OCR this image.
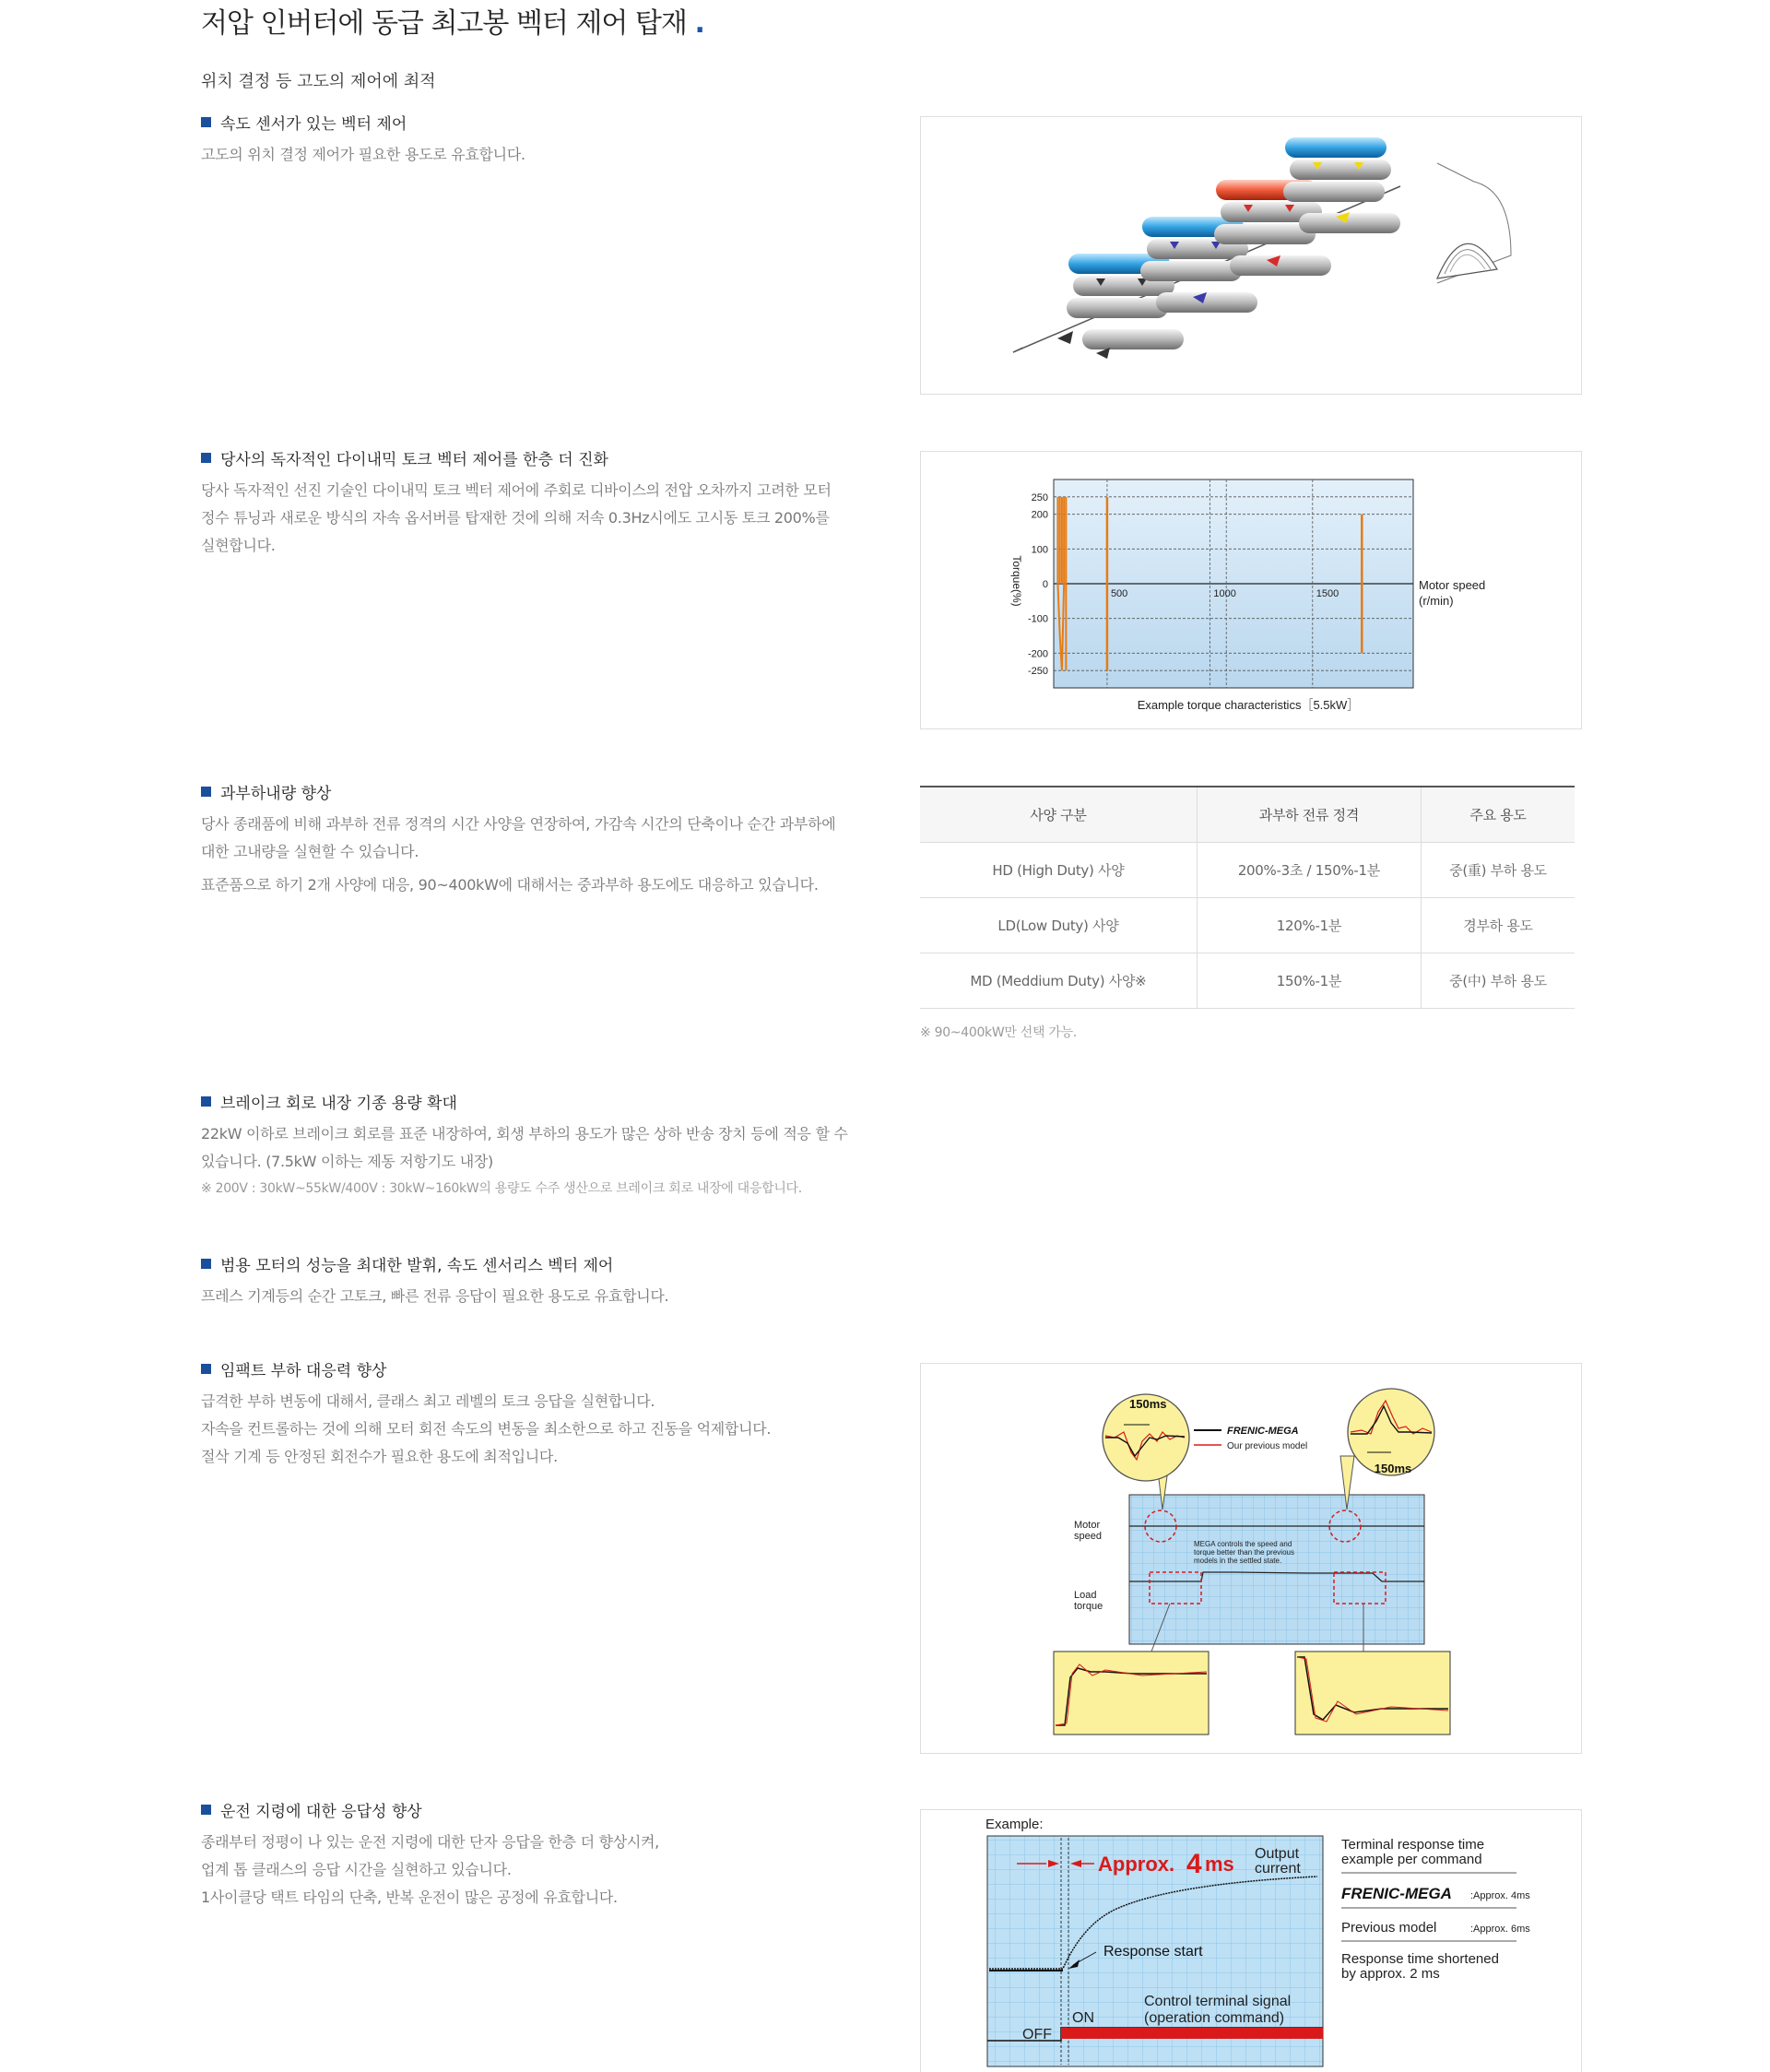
저압 인버터에 동급 최고봉 벡터 제어 탑재 .
위치 결정 등 고도의 제어에 최적
속도 센서가 있는 벡터 제어
고도의 위치 결정 제어가 필요한 용도로 유효합니다.
당사의 독자적인 다이내믹 토크 벡터 제어를 한층 더 진화
당사 독자적인 선진 기술인 다이내믹 토크 벡터 제어에 주회로 디바이스의 전압 오차까지 고려한 모터
정수 튜닝과 새로운 방식의 자속 옵서버를 탑재한 것에 의해 저속 0.3Hz시에도 고시동 토크 200%를
실현합니다.
250
200
100
0
-100
-200
-250
500	1000	1500
Torque(%)	Motor speed
(r/min)
Example torque characteristics［5.5kW］
과부하내량 향상
당사 종래품에 비해 과부하 전류 정격의 시간 사양을 연장하여, 가감속 시간의 단축이나 순간 과부하에
대한 고내량을 실현할 수 있습니다.
표준품으로 하기 2개 사양에 대응, 90~400kW에 대해서는 중과부하 용도에도 대응하고 있습니다.
사양 구분	과부하 전류 정격	주요 용도
HD (High Duty) 사양	200%-3초 / 150%-1분	중(重) 부하 용도
LD(Low Duty) 사양	120%-1분	경부하 용도
MD (Meddium Duty) 사양※	150%-1분	중(中) 부하 용도
※ 90~400kW만 선택 가능.
브레이크 회로 내장 기종 용량 확대
22kW 이하로 브레이크 회로를 표준 내장하여, 회생 부하의 용도가 많은 상하 반송 장치 등에 적응 할 수
있습니다. (7.5kW 이하는 제동 저항기도 내장)
※ 200V : 30kW~55kW/400V : 30kW~160kW의 용량도 수주 생산으로 브레이크 회로 내장에 대응합니다.
범용 모터의 성능을 최대한 발휘, 속도 센서리스 벡터 제어
프레스 기계등의 순간 고토크, 빠른 전류 응답이 필요한 용도로 유효합니다.
임팩트 부하 대응력 향상
급격한 부하 변동에 대해서, 클래스 최고 레벨의 토크 응답을 실현합니다.
자속을 컨트롤하는 것에 의해 모터 회전 속도의 변동을 최소한으로 하고 진동을 억제합니다.
절삭 기계 등 안정된 회전수가 필요한 용도에 최적입니다.
Motor
speed
Load
torque
MEGA controls the speed and
torque better than the previous
models in the settled state.
FRENIC-MEGA
Our previous model
150ms
150ms
운전 지령에 대한 응답성 향상
종래부터 정평이 나 있는 운전 지령에 대한 단자 응답을 한층 더 향상시켜,
업계 톱 클래스의 응답 시간을 실현하고 있습니다.
1사이클당 택트 타임의 단축, 반복 운전이 많은 공정에 유효합니다.
Example:
Approx. 4 ms Output
current
Response start
Control terminal signal
(operation command)
ON
OFF
Terminal response time
example per command
FRENIC-MEGA :Approx. 4ms
Previous model	:Approx. 6ms
Response time shortened
by approx. 2 ms
